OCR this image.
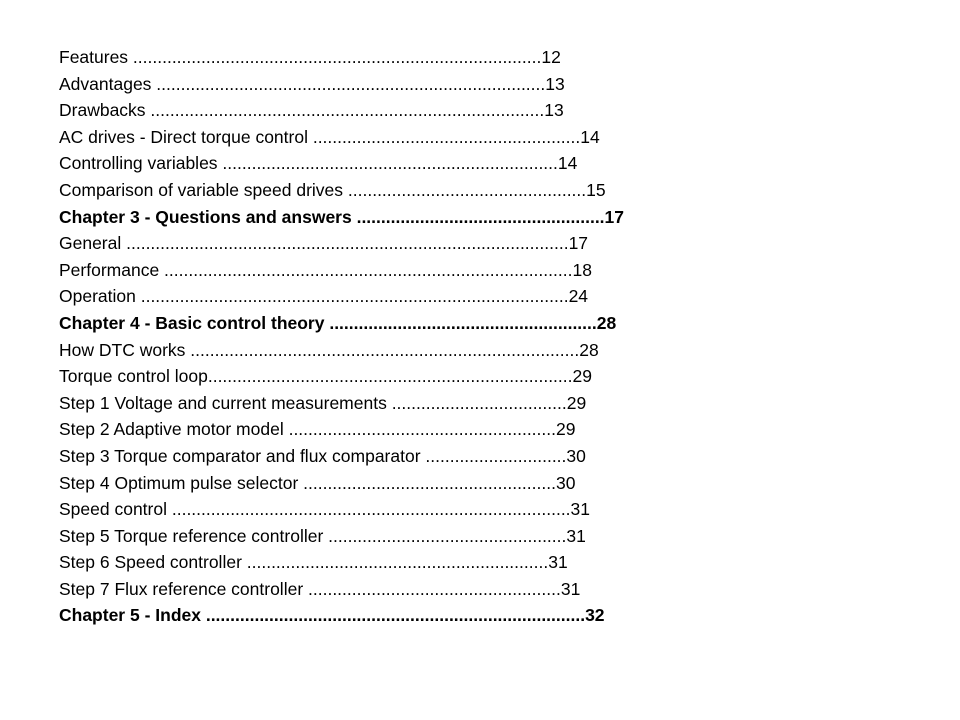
Features ....................................................................................12
Advantages ................................................................................13
Drawbacks .................................................................................13
AC drives - Direct torque control .......................................................14
Controlling variables .....................................................................14
Comparison of variable speed drives .................................................15
Chapter 3 - Questions and answers ...................................................17
General ...........................................................................................17
Performance ....................................................................................18
Operation ........................................................................................24
Chapter 4 - Basic control theory .......................................................28
How DTC works ................................................................................28
Torque control loop...........................................................................29
Step 1 Voltage and current measurements ....................................29
Step 2 Adaptive motor model .......................................................29
Step 3 Torque comparator and flux comparator .............................30
Step 4 Optimum pulse selector ....................................................30
Speed control ..................................................................................31
Step 5 Torque reference controller .................................................31
Step 6 Speed controller ..............................................................31
Step 7 Flux reference controller ....................................................31
Chapter 5 - Index ..............................................................................32
